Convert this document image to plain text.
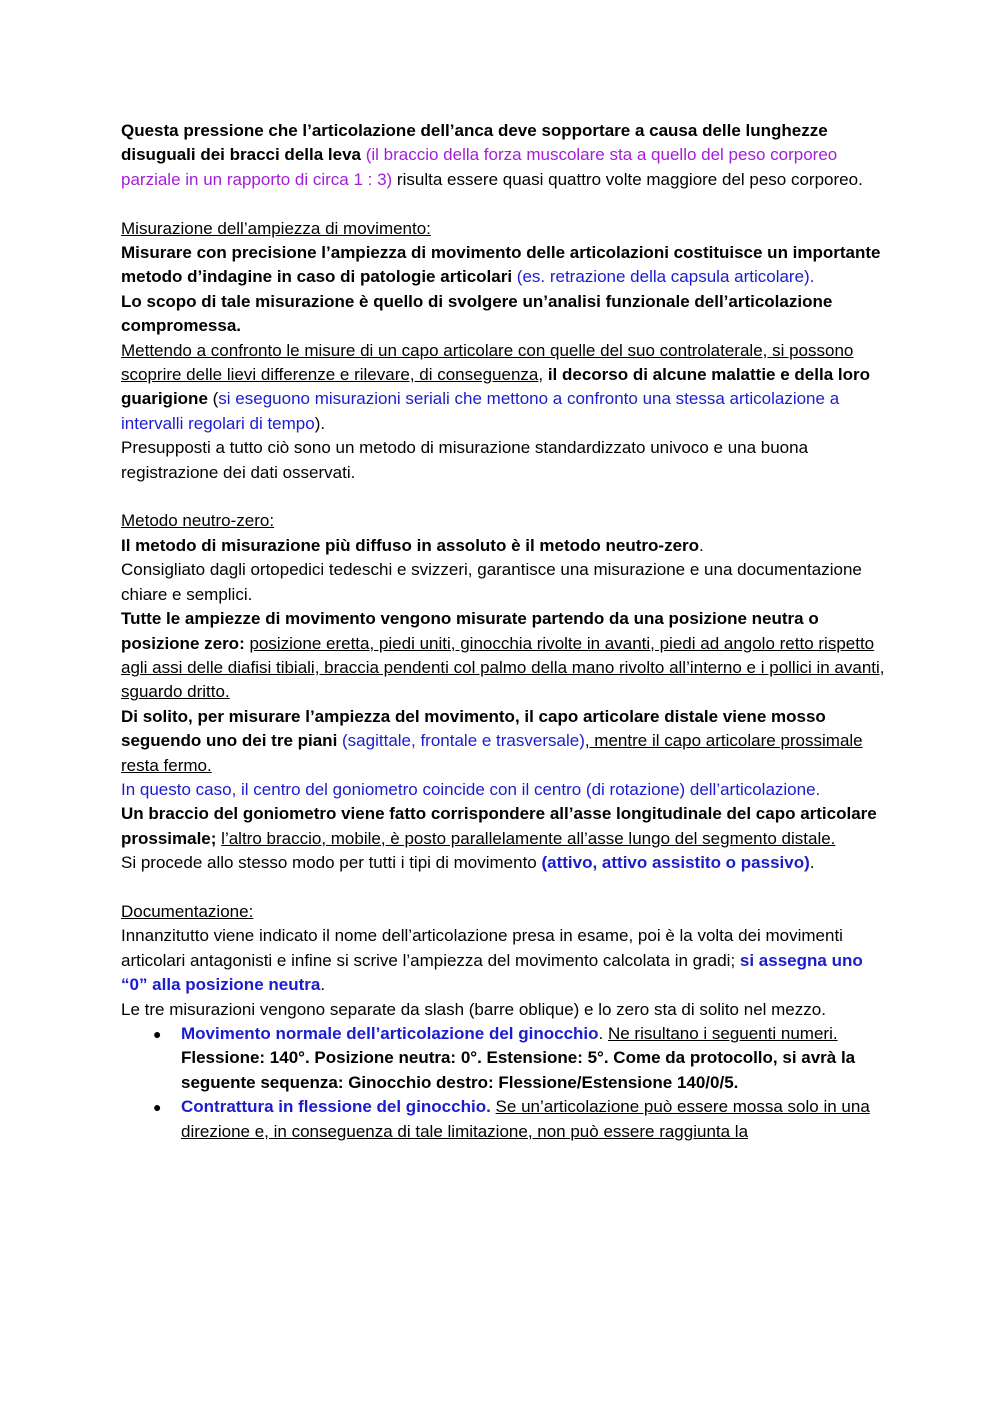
Questa pressione che l’articolazione dell’anca deve sopportare a causa delle lunghezze disuguali dei bracci della leva (il braccio della forza muscolare sta a quello del peso corporeo parziale in un rapporto di circa 1 : 3) risulta essere quasi quattro volte maggiore del peso corporeo.

Misurazione dell’ampiezza di movimento:

Misurare con precisione l’ampiezza di movimento delle articolazioni costituisce un importante metodo d’indagine in caso di patologie articolari (es. retrazione della capsula articolare).

Lo scopo di tale misurazione è quello di svolgere un’analisi funzionale dell’articolazione compromessa.

Mettendo a confronto le misure di un capo articolare con quelle del suo controlaterale, si possono scoprire delle lievi differenze e rilevare, di conseguenza, il decorso di alcune malattie e della loro guarigione (si eseguono misurazioni seriali che mettono a confronto una stessa articolazione a intervalli regolari di tempo).

Presupposti a tutto ciò sono un metodo di misurazione standardizzato univoco e una buona registrazione dei dati osservati.

Metodo neutro-zero:

Il metodo di misurazione più diffuso in assoluto è il metodo neutro-zero.

Consigliato dagli ortopedici tedeschi e svizzeri, garantisce una misurazione e una documentazione chiare e semplici.

Tutte le ampiezze di movimento vengono misurate partendo da una posizione neutra o posizione zero: posizione eretta, piedi uniti, ginocchia rivolte in avanti, piedi ad angolo retto rispetto agli assi delle diafisi tibiali, braccia pendenti col palmo della mano rivolto all’interno e i pollici in avanti, sguardo dritto.

Di solito, per misurare l’ampiezza del movimento, il capo articolare distale viene mosso seguendo uno dei tre piani (sagittale, frontale e trasversale), mentre il capo articolare prossimale resta fermo.

In questo caso, il centro del goniometro coincide con il centro (di rotazione) dell’articolazione.

Un braccio del goniometro viene fatto corrispondere all’asse longitudinale del capo articolare prossimale; l’altro braccio, mobile, è posto parallelamente all’asse lungo del segmento distale.

Si procede allo stesso modo per tutti i tipi di movimento (attivo, attivo assistito o passivo).

Documentazione:

Innanzitutto viene indicato il nome dell’articolazione presa in esame, poi è la volta dei movimenti articolari antagonisti e infine si scrive l’ampiezza del movimento calcolata in gradi; si assegna uno “0” alla posizione neutra.

Le tre misurazioni vengono separate da slash (barre oblique) e lo zero sta di solito nel mezzo.

● Movimento normale dell’articolazione del ginocchio. Ne risultano i seguenti numeri. Flessione: 140°. Posizione neutra: 0°. Estensione: 5°. Come da protocollo, si avrà la seguente sequenza: Ginocchio destro: Flessione/Estensione 140/0/5.
● Contrattura in flessione del ginocchio. Se un’articolazione può essere mossa solo in una direzione e, in conseguenza di tale limitazione, non può essere raggiunta la
